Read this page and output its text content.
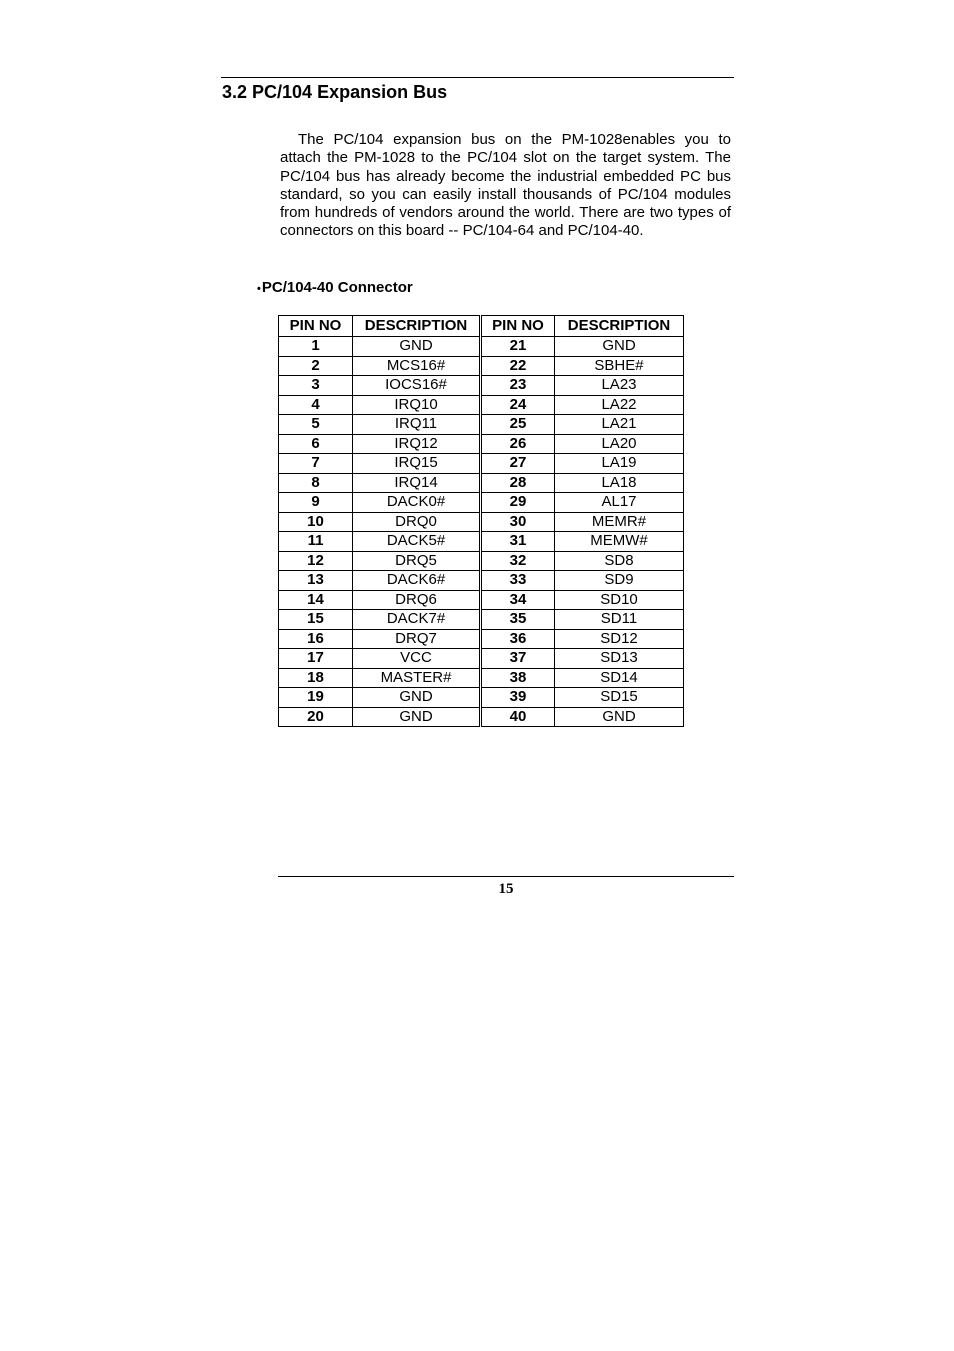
3.2 PC/104 Expansion Bus

The PC/104 expansion bus on the PM-1028enables you to attach the PM-1028 to the PC/104 slot on the target system. The PC/104 bus has already become the industrial embedded PC bus standard, so you can easily install thousands of PC/104 modules from hundreds of vendors around the world. There are two types of connectors on this board -- PC/104-64 and PC/104-40.

•PC/104-40 Connector

PIN NO	DESCRIPTION	PIN NO	DESCRIPTION
1	GND	21	GND
2	MCS16#	22	SBHE#
3	IOCS16#	23	LA23
4	IRQ10	24	LA22
5	IRQ11	25	LA21
6	IRQ12	26	LA20
7	IRQ15	27	LA19
8	IRQ14	28	LA18
9	DACK0#	29	AL17
10	DRQ0	30	MEMR#
11	DACK5#	31	MEMW#
12	DRQ5	32	SD8
13	DACK6#	33	SD9
14	DRQ6	34	SD10
15	DACK7#	35	SD11
16	DRQ7	36	SD12
17	VCC	37	SD13
18	MASTER#	38	SD14
19	GND	39	SD15
20	GND	40	GND

15
